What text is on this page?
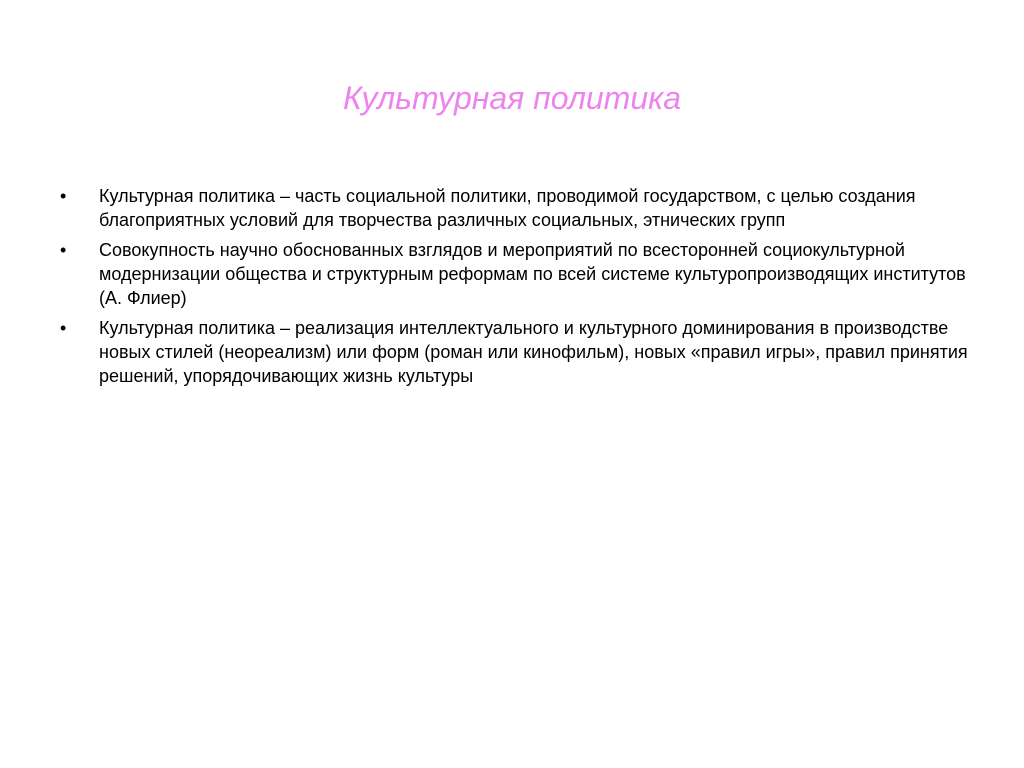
Культурная политика
•	Культурная политика – часть социальной политики, проводимой государством, с целью создания благоприятных условий для творчества различных социальных, этнических групп
•	Совокупность научно обоснованных взглядов и мероприятий по всесторонней социокультурной модернизации общества и структурным реформам по всей системе культуропроизводящих институтов (А. Флиер)
•	Культурная политика – реализация интеллектуального и культурного доминирования в производстве новых стилей (неореализм) или форм (роман или кинофильм), новых «правил игры», правил принятия решений, упорядочивающих жизнь культуры
